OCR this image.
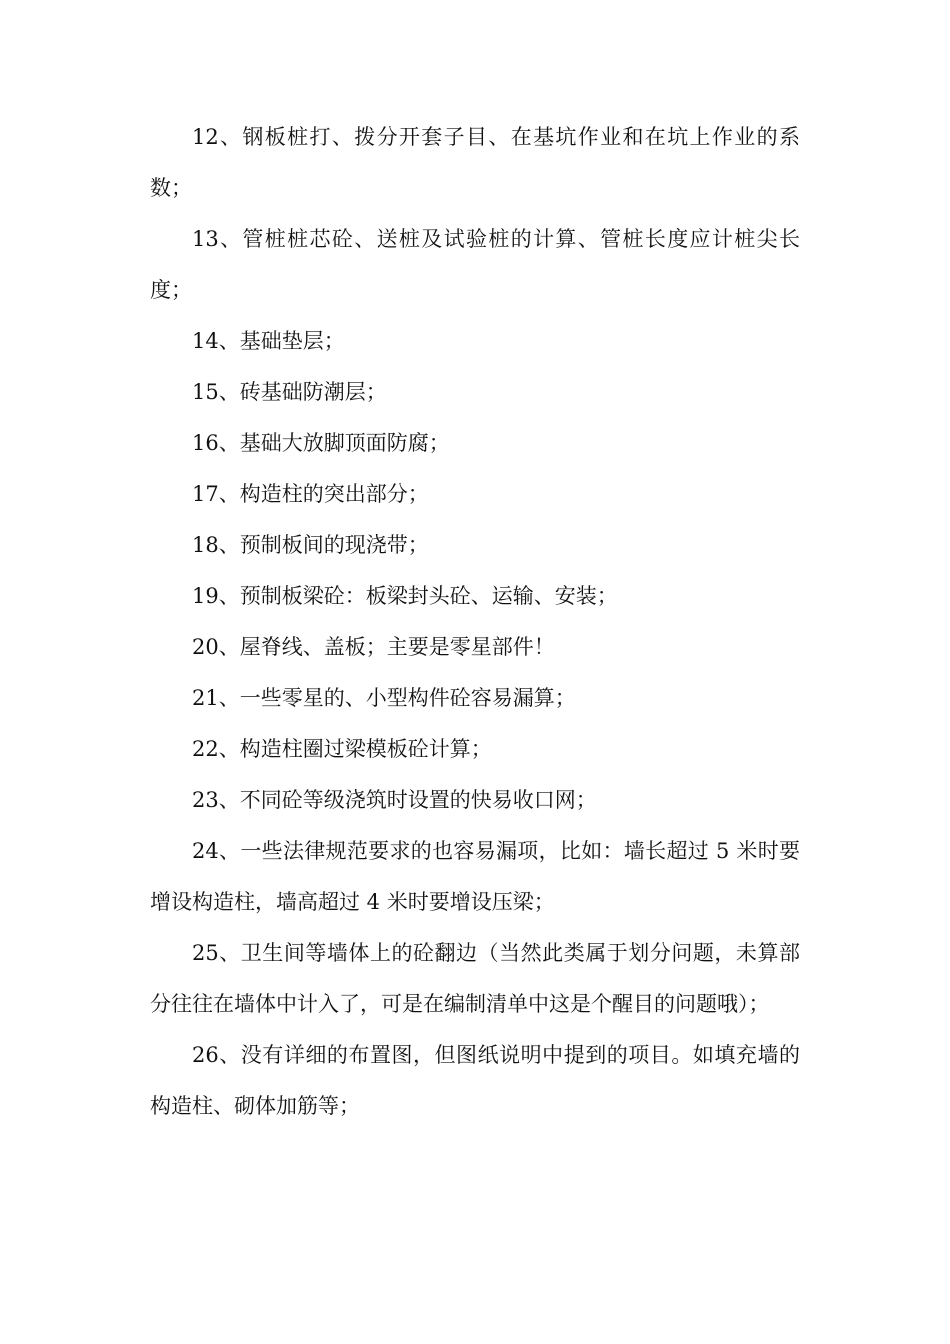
12、钢板桩打、拨分开套子目、在基坑作业和在坑上作业的系数；

13、管桩桩芯砼、送桩及试验桩的计算、管桩长度应计桩尖长度；

14、基础垫层；

15、砖基础防潮层；

16、基础大放脚顶面防腐；

17、构造柱的突出部分；

18、预制板间的现浇带；

19、预制板梁砼：板梁封头砼、运输、安装；

20、屋脊线、盖板；主要是零星部件！

21、一些零星的、小型构件砼容易漏算；

22、构造柱圈过梁模板砼计算；

23、不同砼等级浇筑时设置的快易收口网；

24、一些法律规范要求的也容易漏项，比如：墙长超过 5 米时要增设构造柱，墙高超过 4 米时要增设压梁；

25、卫生间等墙体上的砼翻边（当然此类属于划分问题，未算部分往往在墙体中计入了，可是在编制清单中这是个醒目的问题哦）；

26、没有详细的布置图，但图纸说明中提到的项目。如填充墙的构造柱、砌体加筋等；
